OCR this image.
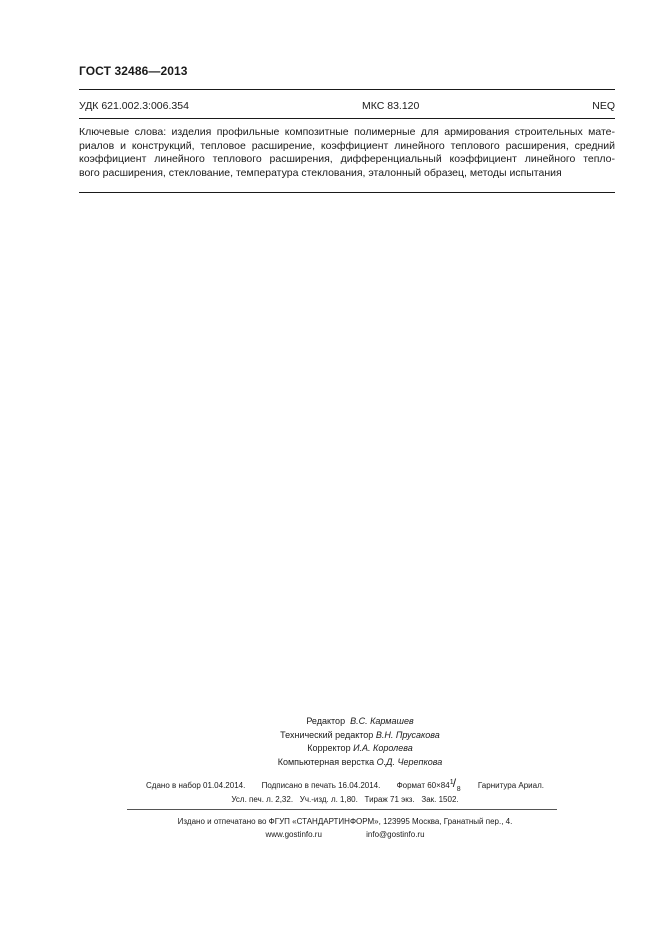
ГОСТ 32486—2013
УДК 621.002.3:006.354	МКС 83.120	NEQ

Ключевые слова: изделия профильные композитные полимерные для армирования строительных мате-
риалов и конструкций, тепловое расширение, коэффициент линейного теплового расширения, средний
коэффициент линейного теплового расширения, дифференциальный коэффициент линейного тепло-
вого расширения, стеклование, температура стеклования, эталонный образец, методы испытания

Редактор В.С. Кармашев
Технический редактор В.Н. Прусакова
Корректор И.А. Королева
Компьютерная верстка О.Д. Черепкова
Сдано в набор 01.04.2014. Подписано в печать 16.04.2014. Формат 60×84 1 / 8 Гарнитура Ариал.
Усл. печ. л. 2,32. Уч.-изд. л. 1,80. Тираж 71 экз. Зак. 1502.
Издано и отпечатано во ФГУП «СТАНДАРТИНФОРМ», 123995 Москва, Гранатный пер., 4.
www.gostinfo.ru	info@gostinfo.ru
